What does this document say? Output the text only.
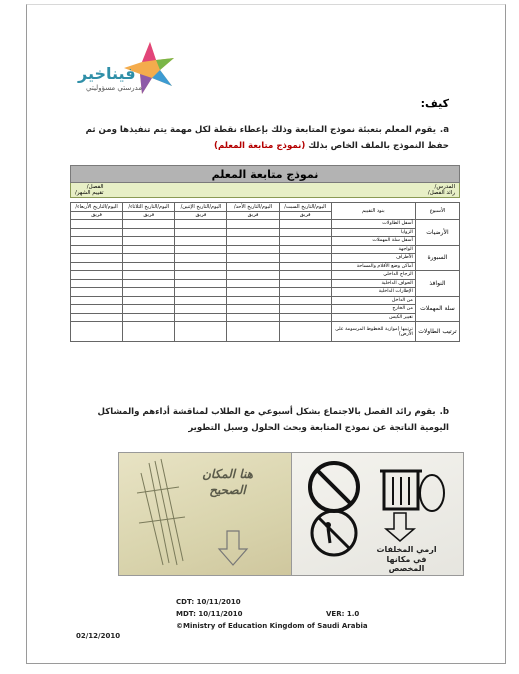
فيناخير
مدرستي مسؤوليتي
كيف:
a.يقوم المعلم بتعبئة نموذج المتابعة وذلك بإعطاء نقطة لكل مهمة يتم تنفيذها ومن ثم
حفظ النموذج بالملف الخاص بذلك (نموذج متابعة المعلم)
نموذج متابعة المعلم
المدرس/
رائد الفصل/
الفصل/
تقييم الشهر/
الأسبوع	بنود التقييم	اليوم/التاريخ السبت/	اليوم/التاريخ الأحد/	اليوم/التاريخ الإثنين/	اليوم/التاريخ الثلاثاء/	اليوم/التاريخ الأربعاء/
		فريق	فريق	فريق	فريق	فريق
الأرضيات	أسفل الطاولات					
	الزوايا					
	أسفل سلة المهملات					
السبورة	الواجهة					
	الأطراف					
	أماكن وضع الأقلام والمساحة					
النوافذ	الزجاج الداخلي					
	الحواف الداخلية					
	الإطارات الداخلية					
سلة المهملات	من الداخل					
	من الخارج					
	تغيير الكيس					
ترتيب الطاولات	ترتيبها (موازية للخطوط المرسومة على الأرض)					
b.يقوم رائد الفصل بالاجتماع بشكل أسبوعي مع الطلاب لمناقشة أداءهم والمشاكل
اليومية الناتجة عن نموذج المتابعة وبحث الحلول وسبل التطوير
هنا المكان الصحيح
ارمي المخلفات في مكانها المخصص
CDT: 10/11/2010
MDT: 10/11/2010	VER: 1.0
©Ministry of Education Kingdom of Saudi Arabia
02/12/2010
